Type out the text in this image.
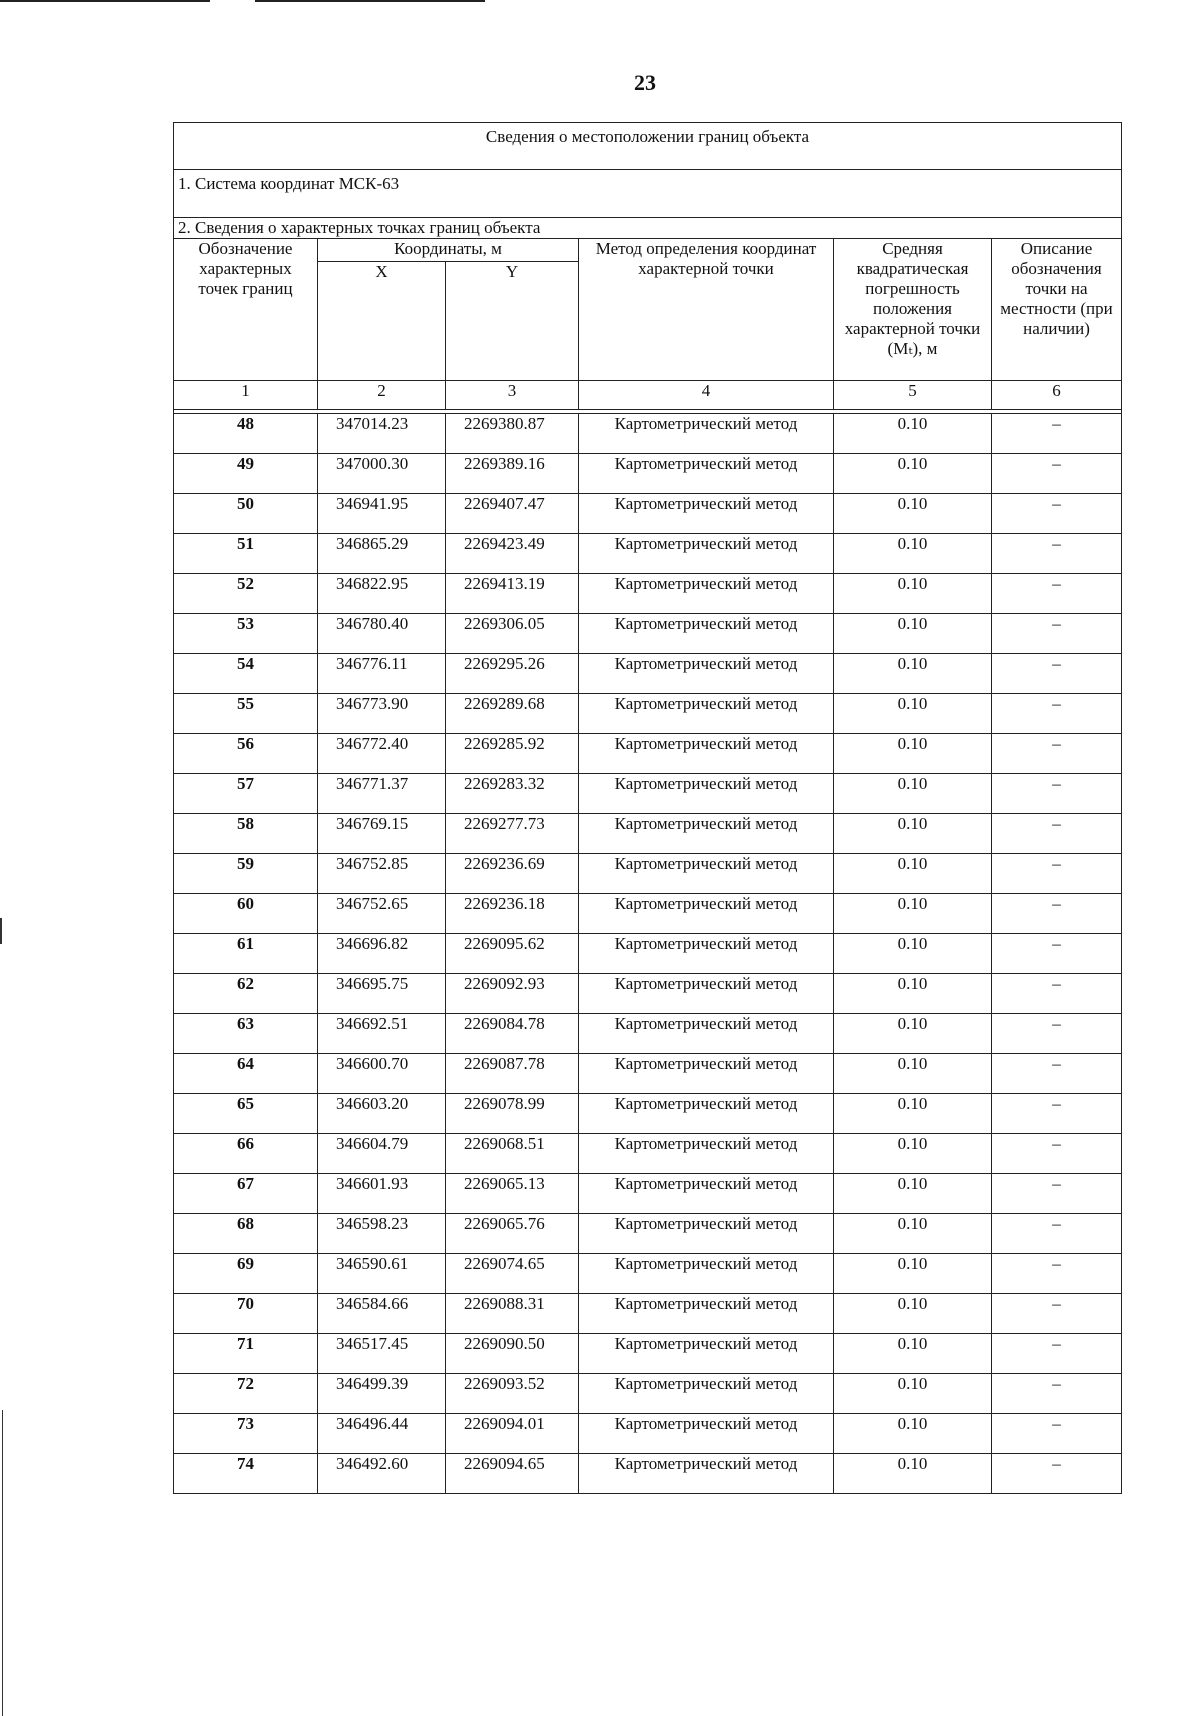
23
Сведения о местоположении границ объекта					
1. Система координат МСК-63					
2. Сведения о характерных точках границ объекта					
Обозначение характерных точек границ	Координаты, м		Метод определения координат характерной точки	Средняя квадратическая погрешность положения характерной точки (Mₜ), м	Описание обозначения точки на местности (при наличии)
	X	Y			
1	2	3	4	5	6

48	347014.23	2269380.87	Картометрический метод	0.10	–
49	347000.30	2269389.16	Картометрический метод	0.10	–
50	346941.95	2269407.47	Картометрический метод	0.10	–
51	346865.29	2269423.49	Картометрический метод	0.10	–
52	346822.95	2269413.19	Картометрический метод	0.10	–
53	346780.40	2269306.05	Картометрический метод	0.10	–
54	346776.11	2269295.26	Картометрический метод	0.10	–
55	346773.90	2269289.68	Картометрический метод	0.10	–
56	346772.40	2269285.92	Картометрический метод	0.10	–
57	346771.37	2269283.32	Картометрический метод	0.10	–
58	346769.15	2269277.73	Картометрический метод	0.10	–
59	346752.85	2269236.69	Картометрический метод	0.10	–
60	346752.65	2269236.18	Картометрический метод	0.10	–
61	346696.82	2269095.62	Картометрический метод	0.10	–
62	346695.75	2269092.93	Картометрический метод	0.10	–
63	346692.51	2269084.78	Картометрический метод	0.10	–
64	346600.70	2269087.78	Картометрический метод	0.10	–
65	346603.20	2269078.99	Картометрический метод	0.10	–
66	346604.79	2269068.51	Картометрический метод	0.10	–
67	346601.93	2269065.13	Картометрический метод	0.10	–
68	346598.23	2269065.76	Картометрический метод	0.10	–
69	346590.61	2269074.65	Картометрический метод	0.10	–
70	346584.66	2269088.31	Картометрический метод	0.10	–
71	346517.45	2269090.50	Картометрический метод	0.10	–
72	346499.39	2269093.52	Картометрический метод	0.10	–
73	346496.44	2269094.01	Картометрический метод	0.10	–
74	346492.60	2269094.65	Картометрический метод	0.10	–
